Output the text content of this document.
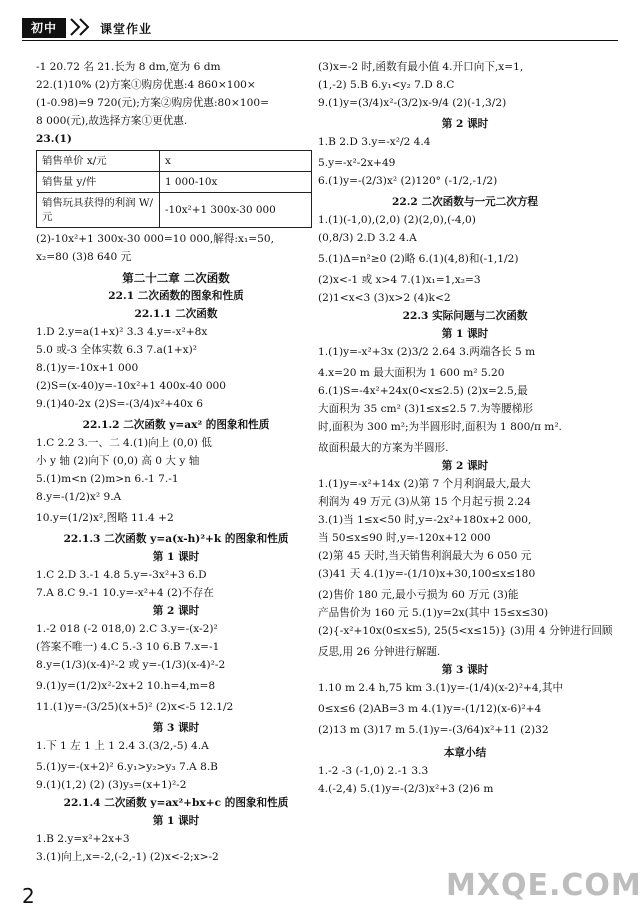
初中	课堂作业
-1 20.72 名 21.长为 8 dm,宽为 6 dm
22.(1)10% (2)方案①购房优惠:4 860×100×
(1-0.98)=9 720(元);方案②购房优惠:80×100=
8 000(元),故选择方案①更优惠.
23.(1)
销售单价 x/元	x
销售量 y/件	1 000-10x
销售玩具获得的利润 W/元	-10x²+1 300x-30 000
(2)-10x²+1 300x-30 000=10 000,解得:x₁=50,
x₂=80 (3)8 640 元
第二十二章 二次函数
22.1 二次函数的图象和性质
22.1.1 二次函数
1.D 2.y=a(1+x)² 3.3 4.y=-x²+8x
5.0 或-3 全体实数 6.3 7.a(1+x)²
8.(1)y=-10x+1 000
(2)S=(x-40)y=-10x²+1 400x-40 000
9.(1)40-2x (2)S=-(3/4)x²+40x 6
22.1.2 二次函数 y=ax² 的图象和性质
1.C 2.2 3.一、二 4.(1)向上 (0,0) 低
小 y 轴 (2)向下 (0,0) 高 0 大 y 轴
5.(1)m<n (2)m>n 6.-1 7.-1
8.y=-(1/2)x² 9.A
10.y=(1/2)x²,图略 11.4 +2
22.1.3 二次函数 y=a(x-h)²+k 的图象和性质
第 1 课时
1.C 2.D 3.-1 4.8 5.y=-3x²+3 6.D
7.A 8.C 9.-1 10.y=-x²+4 (2)不存在
第 2 课时
1.-2 018 (-2 018,0) 2.C 3.y=-(x-2)²
(答案不唯一) 4.C 5.-3 10 6.B 7.x=-1
8.y=(1/3)(x-4)²-2 或 y=-(1/3)(x-4)²-2
9.(1)y=(1/2)x²-2x+2 10.h=4,m=8
11.(1)y=-(3/25)(x+5)² (2)x<-5 12.1/2
第 3 课时
1.下 1 左 1 上 1 2.4 3.(3/2,-5) 4.A
5.(1)y=-(x+2)² 6.y₁>y₂>y₃ 7.A 8.B
9.(1)(1,2) (2) (3)y₃=(x+1)²-2
22.1.4 二次函数 y=ax²+bx+c 的图象和性质
第 1 课时
1.B 2.y=x²+2x+3
3.(1)向上,x=-2,(-2,-1) (2)x<-2;x>-2
(3)x=-2 时,函数有最小值 4.开口向下,x=1,
(1,-2) 5.B 6.y₁<y₂ 7.D 8.C
9.(1)y=(3/4)x²-(3/2)x-9/4 (2)(-1,3/2)
第 2 课时
1.B 2.D 3.y=-x²/2 4.4
5.y=-x²-2x+49
6.(1)y=-(2/3)x² (2)120° (-1/2,-1/2)
22.2 二次函数与一元二次方程
1.(1)(-1,0),(2,0) (2)(2,0),(-4,0)
(0,8/3) 2.D 3.2 4.A
5.(1)Δ=n²≥0 (2)略 6.(1)(4,8)和(-1,1/2)
(2)x<-1 或 x>4 7.(1)x₁=1,x₂=3
(2)1<x<3 (3)x>2 (4)k<2
22.3 实际问题与二次函数
第 1 课时
1.(1)y=-x²+3x (2)3/2 2.64 3.两端各长 5 m
4.x=20 m 最大面积为 1 600 m² 5.20
6.(1)S=-4x²+24x(0<x≤2.5) (2)x=2.5,最
大面积为 35 cm² (3)1≤x≤2.5 7.为等腰梯形
时,面积为 300 m²;为半圆形时,面积为 1 800/π m².
故面积最大的方案为半圆形.
第 2 课时
1.(1)y=-x²+14x (2)第 7 个月利润最大,最大
利润为 49 万元 (3)从第 15 个月起亏损 2.24
3.(1)当 1≤x<50 时,y=-2x²+180x+2 000,
当 50≤x≤90 时,y=-120x+12 000
(2)第 45 天时,当天销售利润最大为 6 050 元
(3)41 天 4.(1)y=-(1/10)x+30,100≤x≤180
(2)售价 180 元,最小亏损为 60 万元 (3)能
产品售价为 160 元 5.(1)y=2x(其中 15≤x≤30)
(2){-x²+10x(0≤x≤5), 25(5<x≤15)} (3)用 4 分钟进行回顾
反思,用 26 分钟进行解题.
第 3 课时
1.10 m 2.4 h,75 km 3.(1)y=-(1/4)(x-2)²+4,其中
0≤x≤6 (2)AB=3 m 4.(1)y=-(1/12)(x-6)²+4
(2)13 m (3)17 m 5.(1)y=-(3/64)x²+11 (2)32
本章小结
1.-2 -3 (-1,0) 2.-1 3.3
4.(-2,4) 5.(1)y=-(2/3)x²+3 (2)6 m
2	MXQE.COM
